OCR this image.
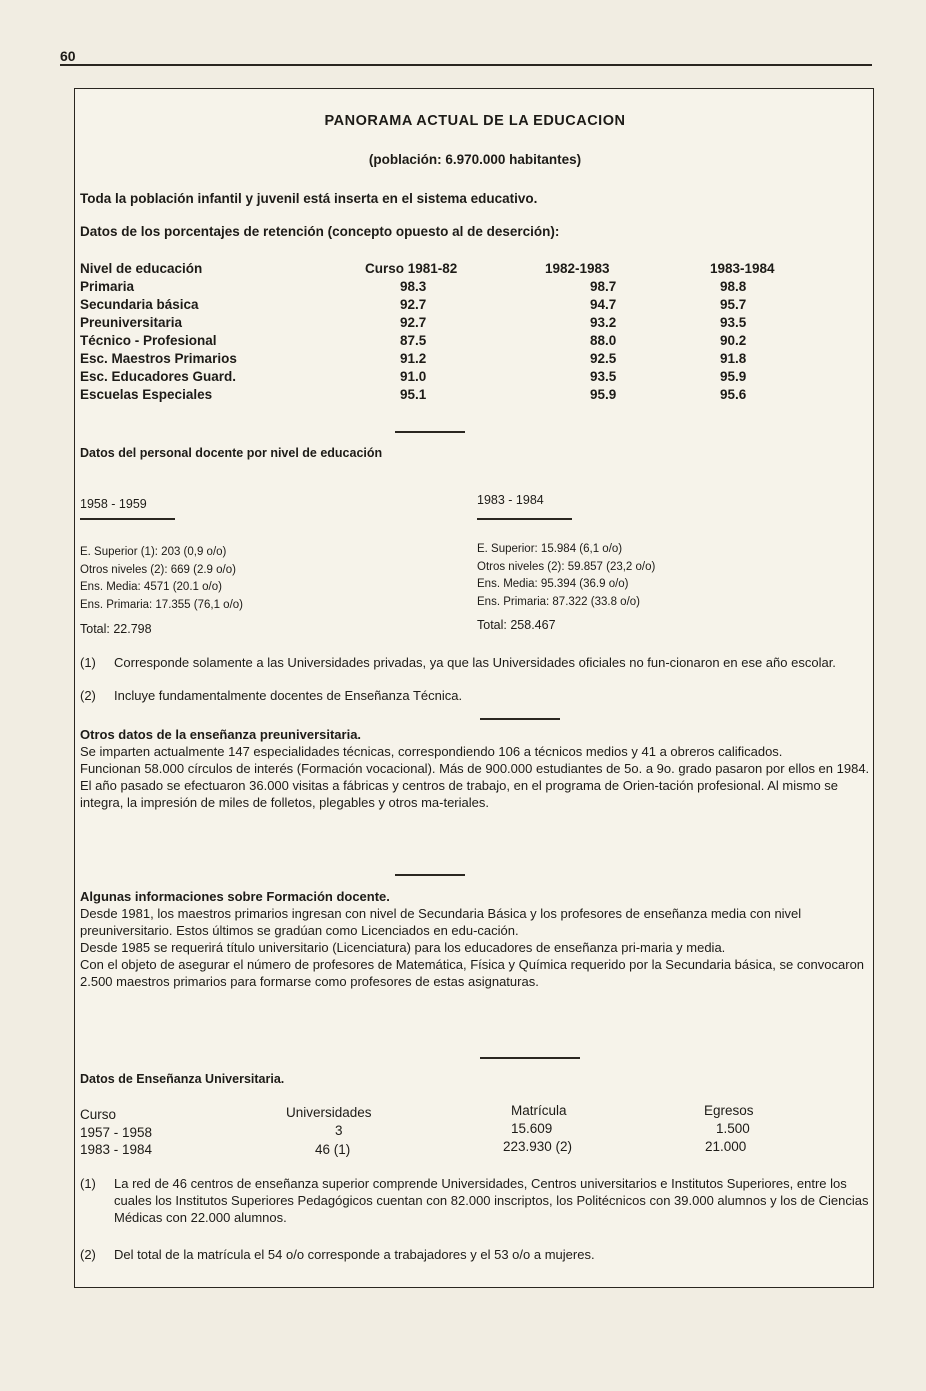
60
PANORAMA ACTUAL DE LA EDUCACION
(población: 6.970.000 habitantes)
Toda la población infantil y juvenil está inserta en el sistema educativo.
Datos de los porcentajes de retención (concepto opuesto al de deserción):
Nivel de educación	Curso 1981-82	1982-1983	1983-1984
Primaria	98.3	98.7	98.8
Secundaria básica	92.7	94.7	95.7
Preuniversitaria	92.7	93.2	93.5
Técnico - Profesional	87.5	88.0	90.2
Esc. Maestros Primarios	91.2	92.5	91.8
Esc. Educadores Guard.	91.0	93.5	95.9
Escuelas Especiales	95.1	95.9	95.6
Datos del personal docente por nivel de educación
1958 - 1959
E. Superior (1): 203 (0,9 o/o)
Otros niveles (2): 669 (2.9 o/o)
Ens. Media: 4571 (20.1 o/o)
Ens. Primaria: 17.355 (76,1 o/o)
Total: 22.798
1983 - 1984
E. Superior: 15.984 (6,1 o/o)
Otros niveles (2): 59.857 (23,2 o/o)
Ens. Media: 95.394 (36.9 o/o)
Ens. Primaria: 87.322 (33.8 o/o)
Total: 258.467
(1)	Corresponde solamente a las Universidades privadas, ya que las Universidades oficiales no fun-cionaron en ese año escolar.
(2)	Incluye fundamentalmente docentes de Enseñanza Técnica.
Otros datos de la enseñanza preuniversitaria.
Se imparten actualmente 147 especialidades técnicas, correspondiendo 106 a técnicos medios y 41 a obreros calificados.
Funcionan 58.000 círculos de interés (Formación vocacional). Más de 900.000 estudiantes de 5o. a 9o. grado pasaron por ellos en 1984.
El año pasado se efectuaron 36.000 visitas a fábricas y centros de trabajo, en el programa de Orien-tación profesional. Al mismo se integra, la impresión de miles de folletos, plegables y otros ma-teriales.
Algunas informaciones sobre Formación docente.
Desde 1981, los maestros primarios ingresan con nivel de Secundaria Básica y los profesores de enseñanza media con nivel preuniversitario. Estos últimos se gradúan como Licenciados en edu-cación.
Desde 1985 se requerirá título universitario (Licenciatura) para los educadores de enseñanza pri-maria y media.
Con el objeto de asegurar el número de profesores de Matemática, Física y Química requerido por la Secundaria básica, se convocaron 2.500 maestros primarios para formarse como profesores de estas asignaturas.
Datos de Enseñanza Universitaria.
Curso	Universidades	Matrícula	Egresos
1957 - 1958	3	15.609	1.500
1983 - 1984	46 (1)	223.930 (2)	21.000
(1)	La red de 46 centros de enseñanza superior comprende Universidades, Centros universitarios e Institutos Superiores, entre los cuales los Institutos Superiores Pedagógicos cuentan con 82.000 inscriptos, los Politécnicos con 39.000 alumnos y los de Ciencias Médicas con 22.000 alumnos.
(2)	Del total de la matrícula el 54 o/o corresponde a trabajadores y el 53 o/o a mujeres.
